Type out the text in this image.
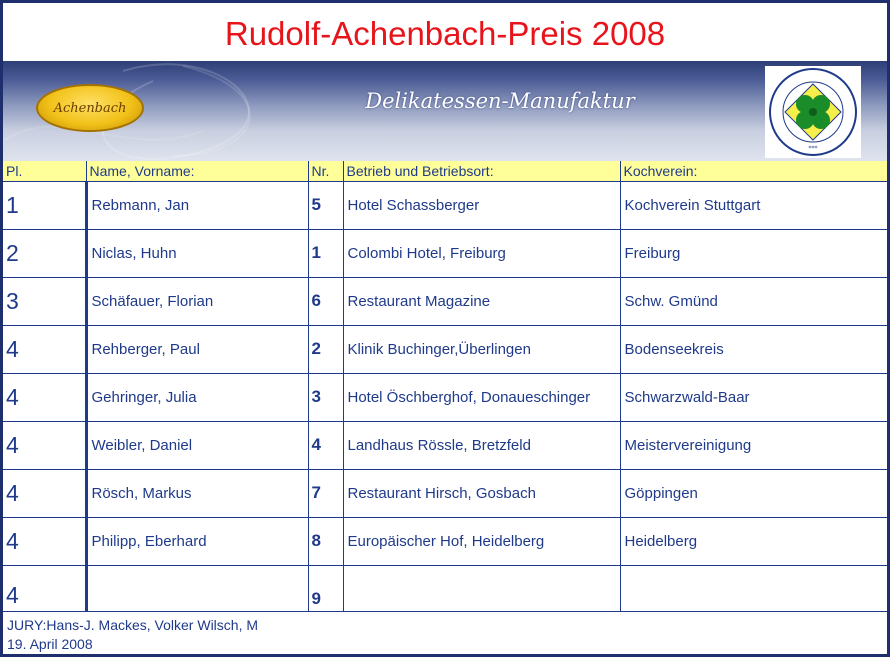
Rudolf-Achenbach-Preis 2008
Achenbach	Delikatessen-Manufaktur
***
Pl.	Name, Vorname:	Nr.	Betrieb und Betriebsort:	Kochverein:
1	Rebmann, Jan	5	Hotel Schassberger	Kochverein Stuttgart
2	Niclas, Huhn	1	Colombi Hotel, Freiburg	Freiburg
3	Schäfauer, Florian	6	Restaurant Magazine	Schw. Gmünd
4	Rehberger, Paul	2	Klinik Buchinger,Überlingen	Bodenseekreis
4	Gehringer, Julia	3	Hotel Öschberghof, Donaueschinger	Schwarzwald-Baar
4	Weibler, Daniel	4	Landhaus Rössle, Bretzfeld	Meistervereinigung
4	Rösch, Markus	7	Restaurant Hirsch, Gosbach	Göppingen
4	Philipp, Eberhard	8	Europäischer Hof, Heidelberg	Heidelberg
4		9		
JURY:Hans-J. Mackes, Volker Wilsch, M
19. April 2008
